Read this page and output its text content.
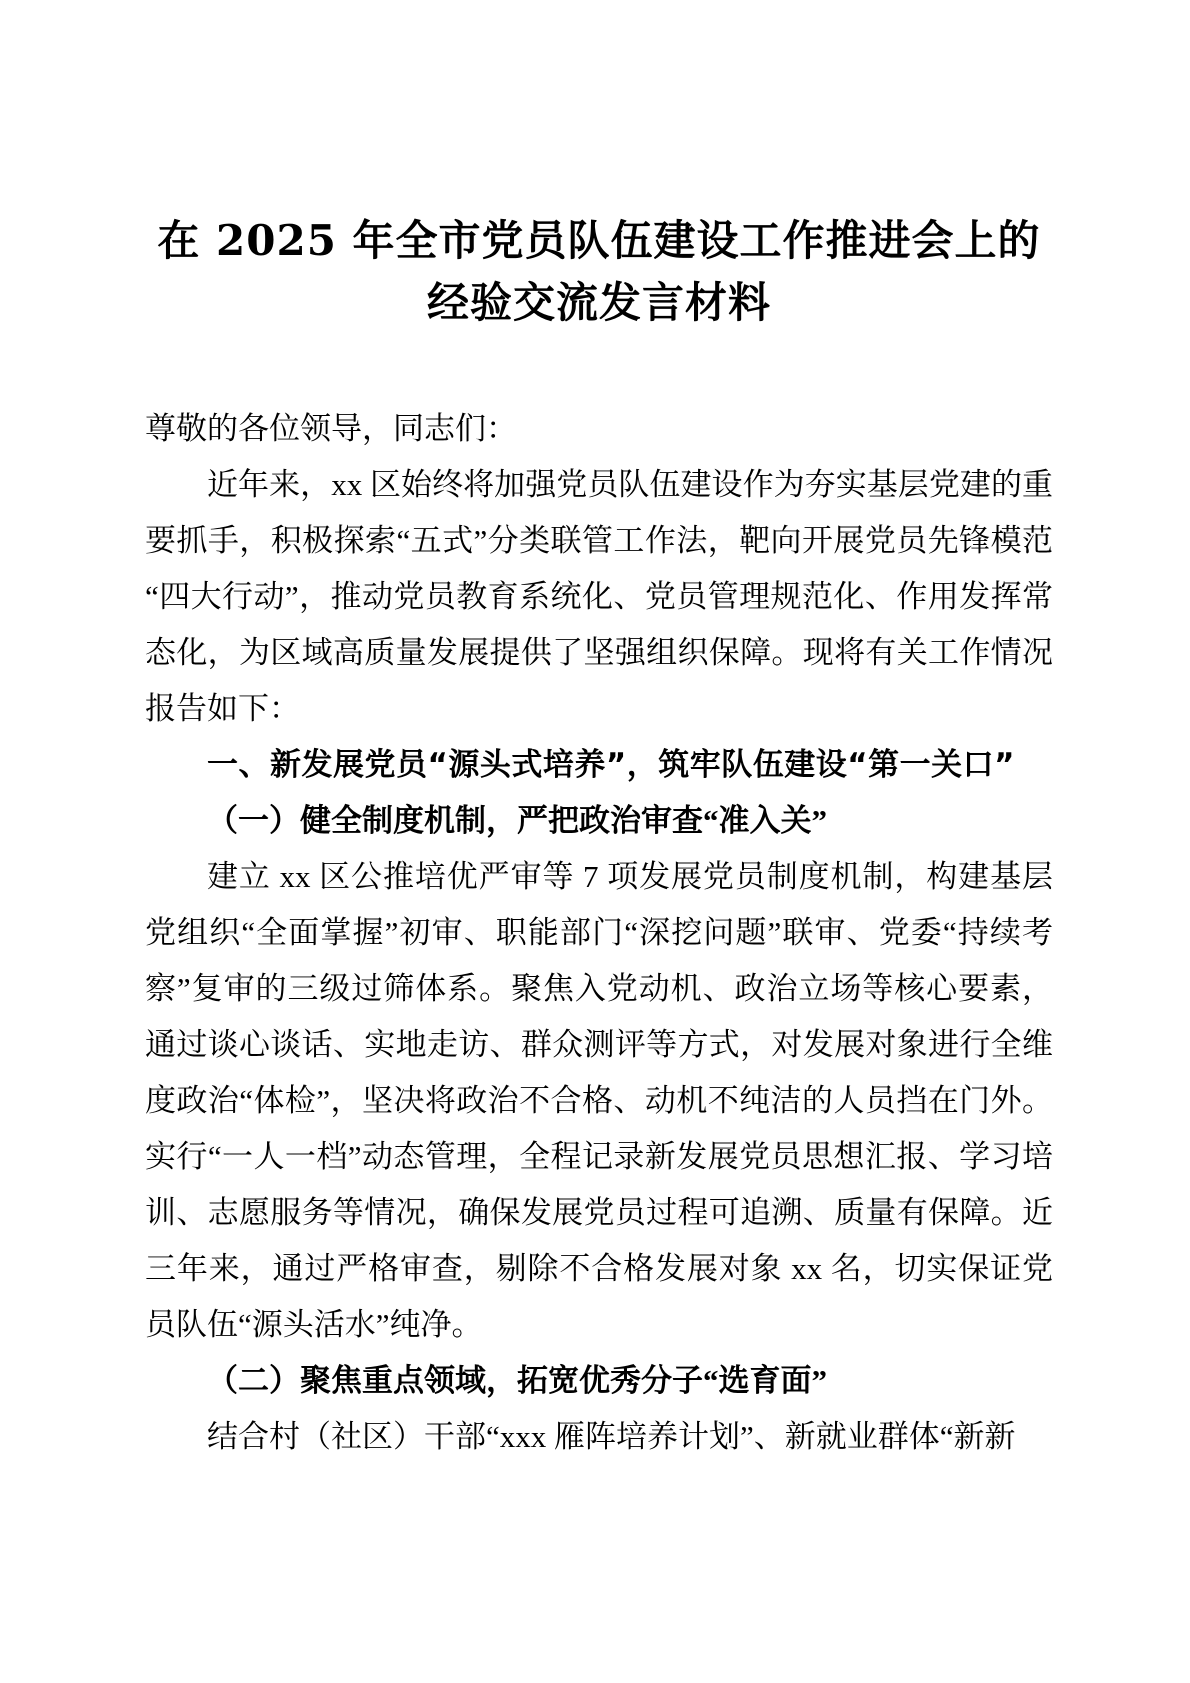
在 2025 年全市党员队伍建设工作推进会上的
经验交流发言材料

尊敬的各位领导，同志们：

近年来，xx 区始终将加强党员队伍建设作为夯实基层党建的重要抓手，积极探索“五式”分类联管工作法，靶向开展党员先锋模范“四大行动”，推动党员教育系统化、党员管理规范化、作用发挥常态化，为区域高质量发展提供了坚强组织保障。现将有关工作情况报告如下：

一、新发展党员“源头式培养”，筑牢队伍建设“第一关口”

（一）健全制度机制，严把政治审查“准入关”

建立 xx 区公推培优严审等 7 项发展党员制度机制，构建基层党组织“全面掌握”初审、职能部门“深挖问题”联审、党委“持续考察”复审的三级过筛体系。聚焦入党动机、政治立场等核心要素，通过谈心谈话、实地走访、群众测评等方式，对发展对象进行全维度政治“体检”，坚决将政治不合格、动机不纯洁的人员挡在门外。实行“一人一档”动态管理，全程记录新发展党员思想汇报、学习培训、志愿服务等情况，确保发展党员过程可追溯、质量有保障。近三年来，通过严格审查，剔除不合格发展对象 xx 名，切实保证党员队伍“源头活水”纯净。

（二）聚焦重点领域，拓宽优秀分子“选育面”

结合村（社区）干部“xxx 雁阵培养计划”、新就业群体“新新
